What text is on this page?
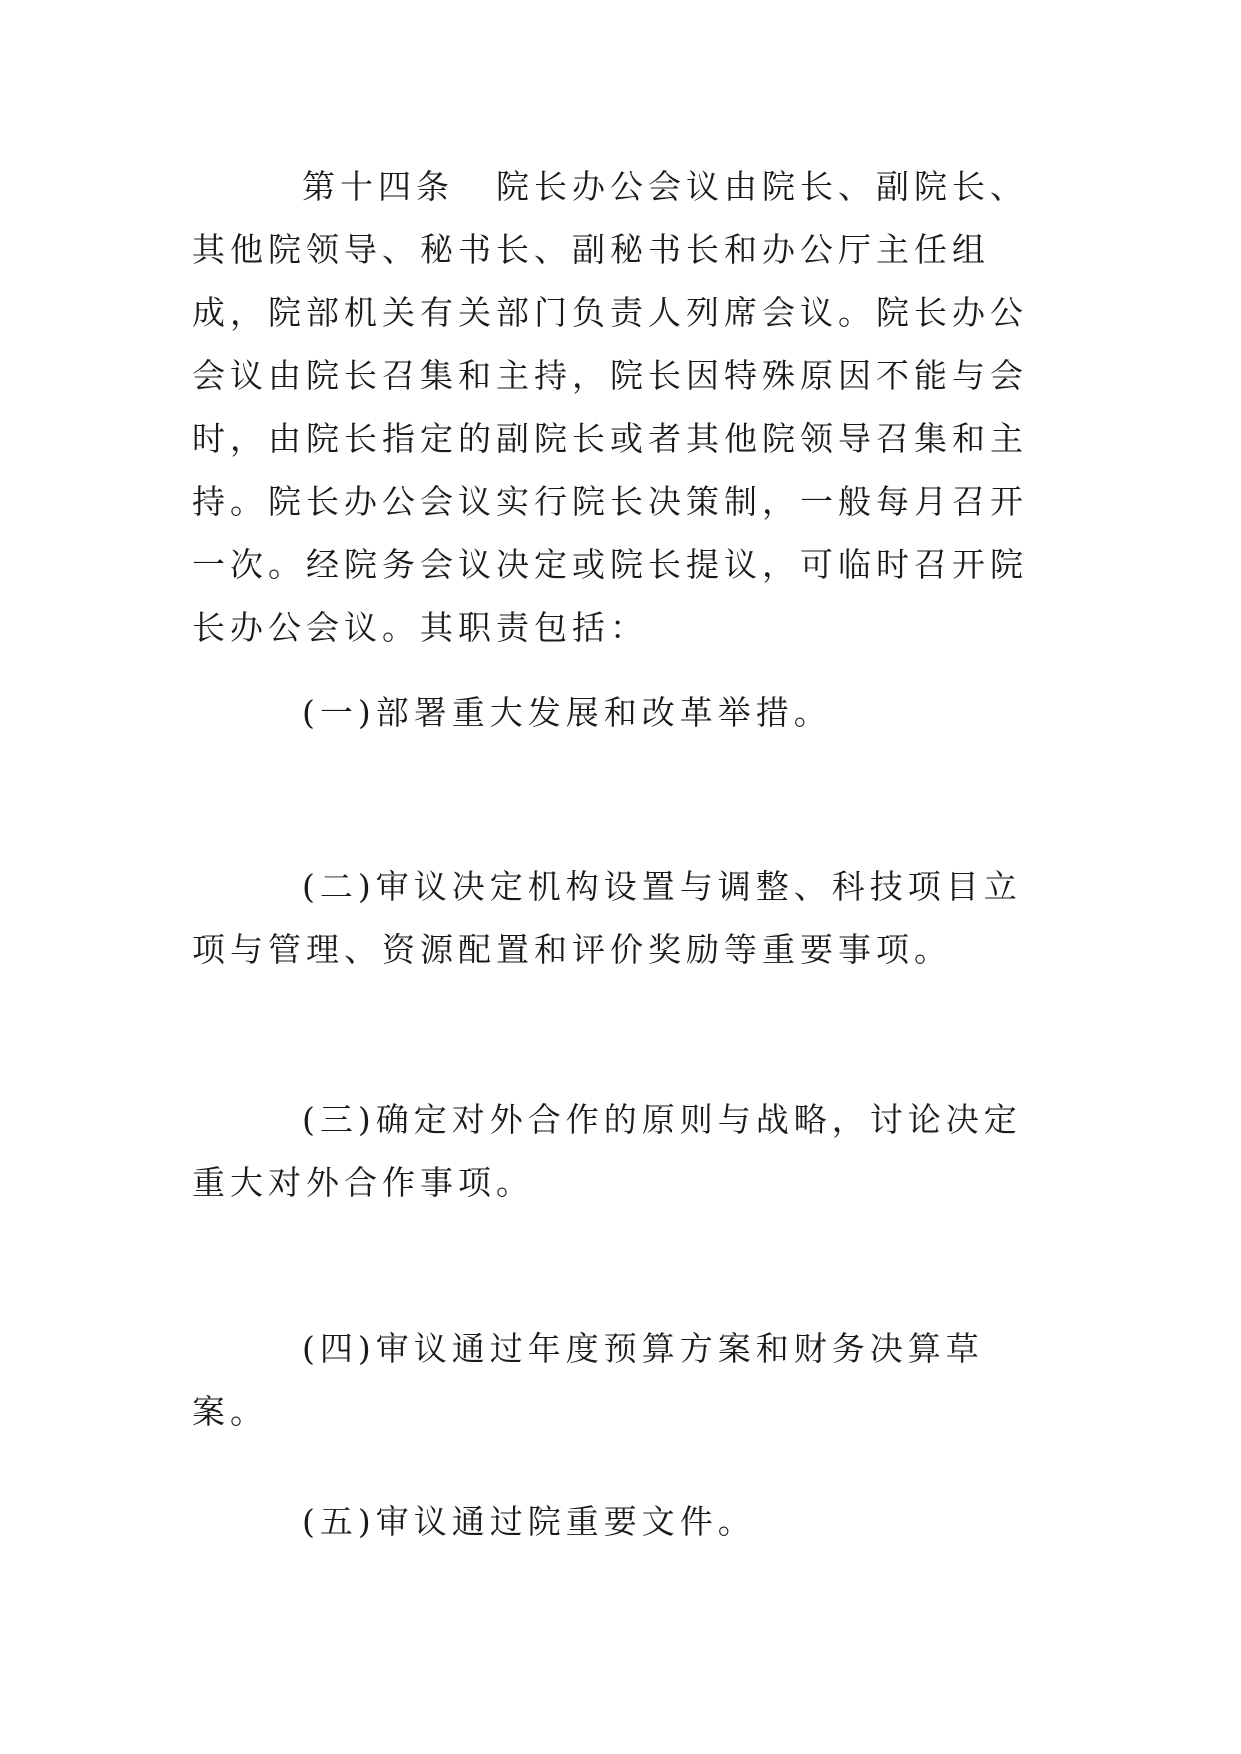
第十四条 院长办公会议由院长、副院长、其他院领导、秘书长、副秘书长和办公厅主任组成，院部机关有关部门负责人列席会议。院长办公会议由院长召集和主持，院长因特殊原因不能与会时，由院长指定的副院长或者其他院领导召集和主持。院长办公会议实行院长决策制，一般每月召开一次。经院务会议决定或院长提议，可临时召开院长办公会议。其职责包括：

(一)部署重大发展和改革举措。

(二)审议决定机构设置与调整、科技项目立项与管理、资源配置和评价奖励等重要事项。

(三)确定对外合作的原则与战略，讨论决定重大对外合作事项。

(四)审议通过年度预算方案和财务决算草案。

(五)审议通过院重要文件。
